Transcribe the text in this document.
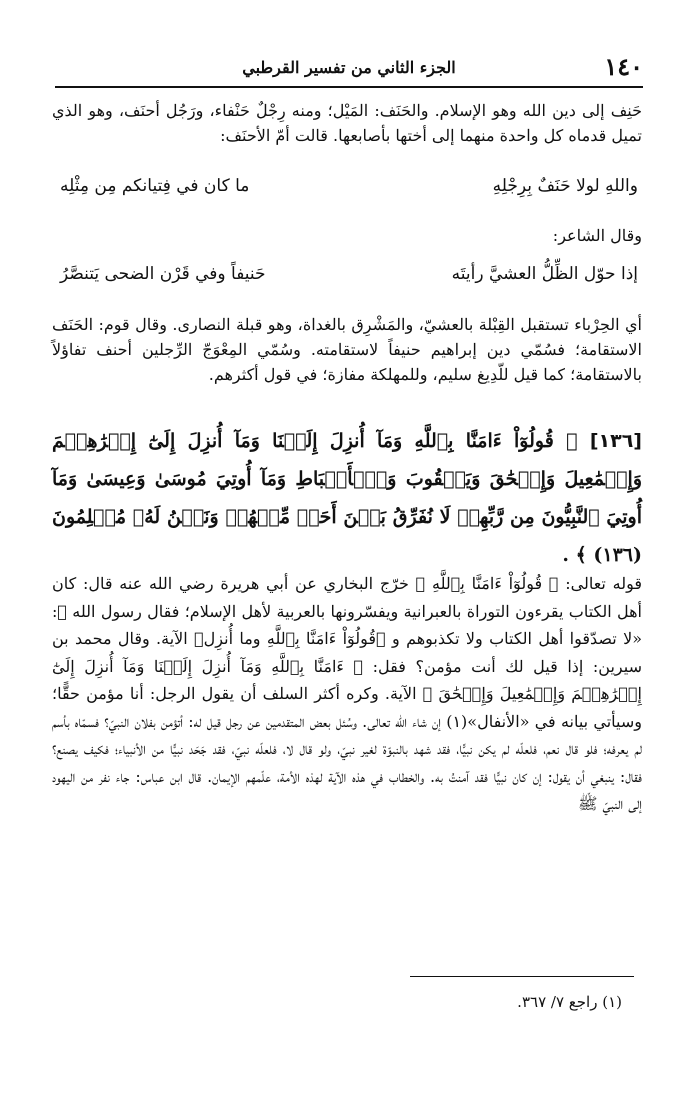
١٤٠
الجزء الثاني من تفسير القرطبي
حَنِف إلى دين الله وهو الإسلام. والحَنَف: المَيْل؛ ومنه رِجْلٌ حَنْفاء، ورَجُل أحنَف، وهو الذي تميل قدماه كل واحدة منهما إلى أختها بأصابعها. قالت أمّ الأحنَف:
واللهِ لولا حَنَفٌ بِرِجْلِهِ
ما كان في فِتيانكم مِن مِثْلِه
وقال الشاعر:
إذا حوّل الظِّلُّ العشيَّ رأيتَه
حَنيفاً وفي قَرْن الضحى يَتنصَّرُ
أي الحِرْباء تستقبل القِبْلة بالعشيّ، والمَشْرِق بالغداة، وهو قبلة النصارى. وقال قوم: الحَنَف الاستقامة؛ فسُمّي دين إبراهيم حنيفاً لاستقامته. وسُمّي المِعْوَجّ الرِّجلين أحنف تفاؤلاً بالاستقامة؛ كما قيل للّدِيغ سليم، وللمهلكة مفازة؛ في قول أكثرهم.
[١٣٦] ﴿ قُولُوٓاْ ءَامَنَّا بِٱللَّهِ وَمَآ أُنزِلَ إِلَيۡنَا وَمَآ أُنزِلَ إِلَىٰٓ إِبۡرَٰهِـۧمَ وَإِسۡمَٰعِيلَ وَإِسۡحَٰقَ وَيَعۡقُوبَ وَٱلۡأَسۡبَاطِ وَمَآ أُوتِيَ مُوسَىٰ وَعِيسَىٰ وَمَآ أُوتِيَ ٱلنَّبِيُّونَ مِن رَّبِّهِمۡ لَا نُفَرِّقُ بَيۡنَ أَحَدٖ مِّنۡهُمۡ وَنَحۡنُ لَهُۥ مُسۡلِمُونَ (١٣٦) ﴾ .
قوله تعالى: ﴿ قُولُوٓاْ ءَامَنَّا بِٱللَّهِ ﴾ خرّج البخاري عن أبي هريرة رضي الله عنه قال: كان أهل الكتاب يقرءون التوراة بالعبرانية ويفسّرونها بالعربية لأهل الإسلام؛ فقال رسول الله ﷺ: «لا تصدّقوا أهل الكتاب ولا تكذبوهم و ﴿قُولُوٓاْ ءَامَنَّا بِٱللَّهِ وما أُنزِل﴾ الآية. وقال محمد بن سيرين: إذا قيل لك أنت مؤمن؟ فقل: ﴿ ءَامَنَّا بِٱللَّهِ وَمَآ أُنزِلَ إِلَيۡنَا وَمَآ أُنزِلَ إِلَىٰٓ إِبۡرَٰهِـۧمَ وَإِسۡمَٰعِيلَ وَإِسۡحَٰقَ ﴾ الآية. وكره أكثر السلف أن يقول الرجل: أنا مؤمن حقًّا؛ وسيأتي بيانه في «الأنفال»(١) إن شاء الله تعالى. وسُئل بعض المتقدمين عن رجل قيل له: أتؤمن بفلان النبيّ؟ فسمّاه بأسم لم يعرفه؛ فلو قال نعم، فلعلّه لم يكن نبيًّا، فقد شهد بالنبوّة لغير نبيّ، ولو قال لا، فلعلّه نبيّ، فقد جَحَد نبيًّا من الأنبياء؛ فكيف يصنع؟ فقال: ينبغي أن يقول: إن كان نبيًّا فقد آمنتُ به. والخطاب في هذه الآية لهذه الأمة، علّمهم الإيمان. قال ابن عباس: جاء نفر من اليهود إلى النبيّ ﷺ
(١) راجع ٧/ ٣٦٧.
